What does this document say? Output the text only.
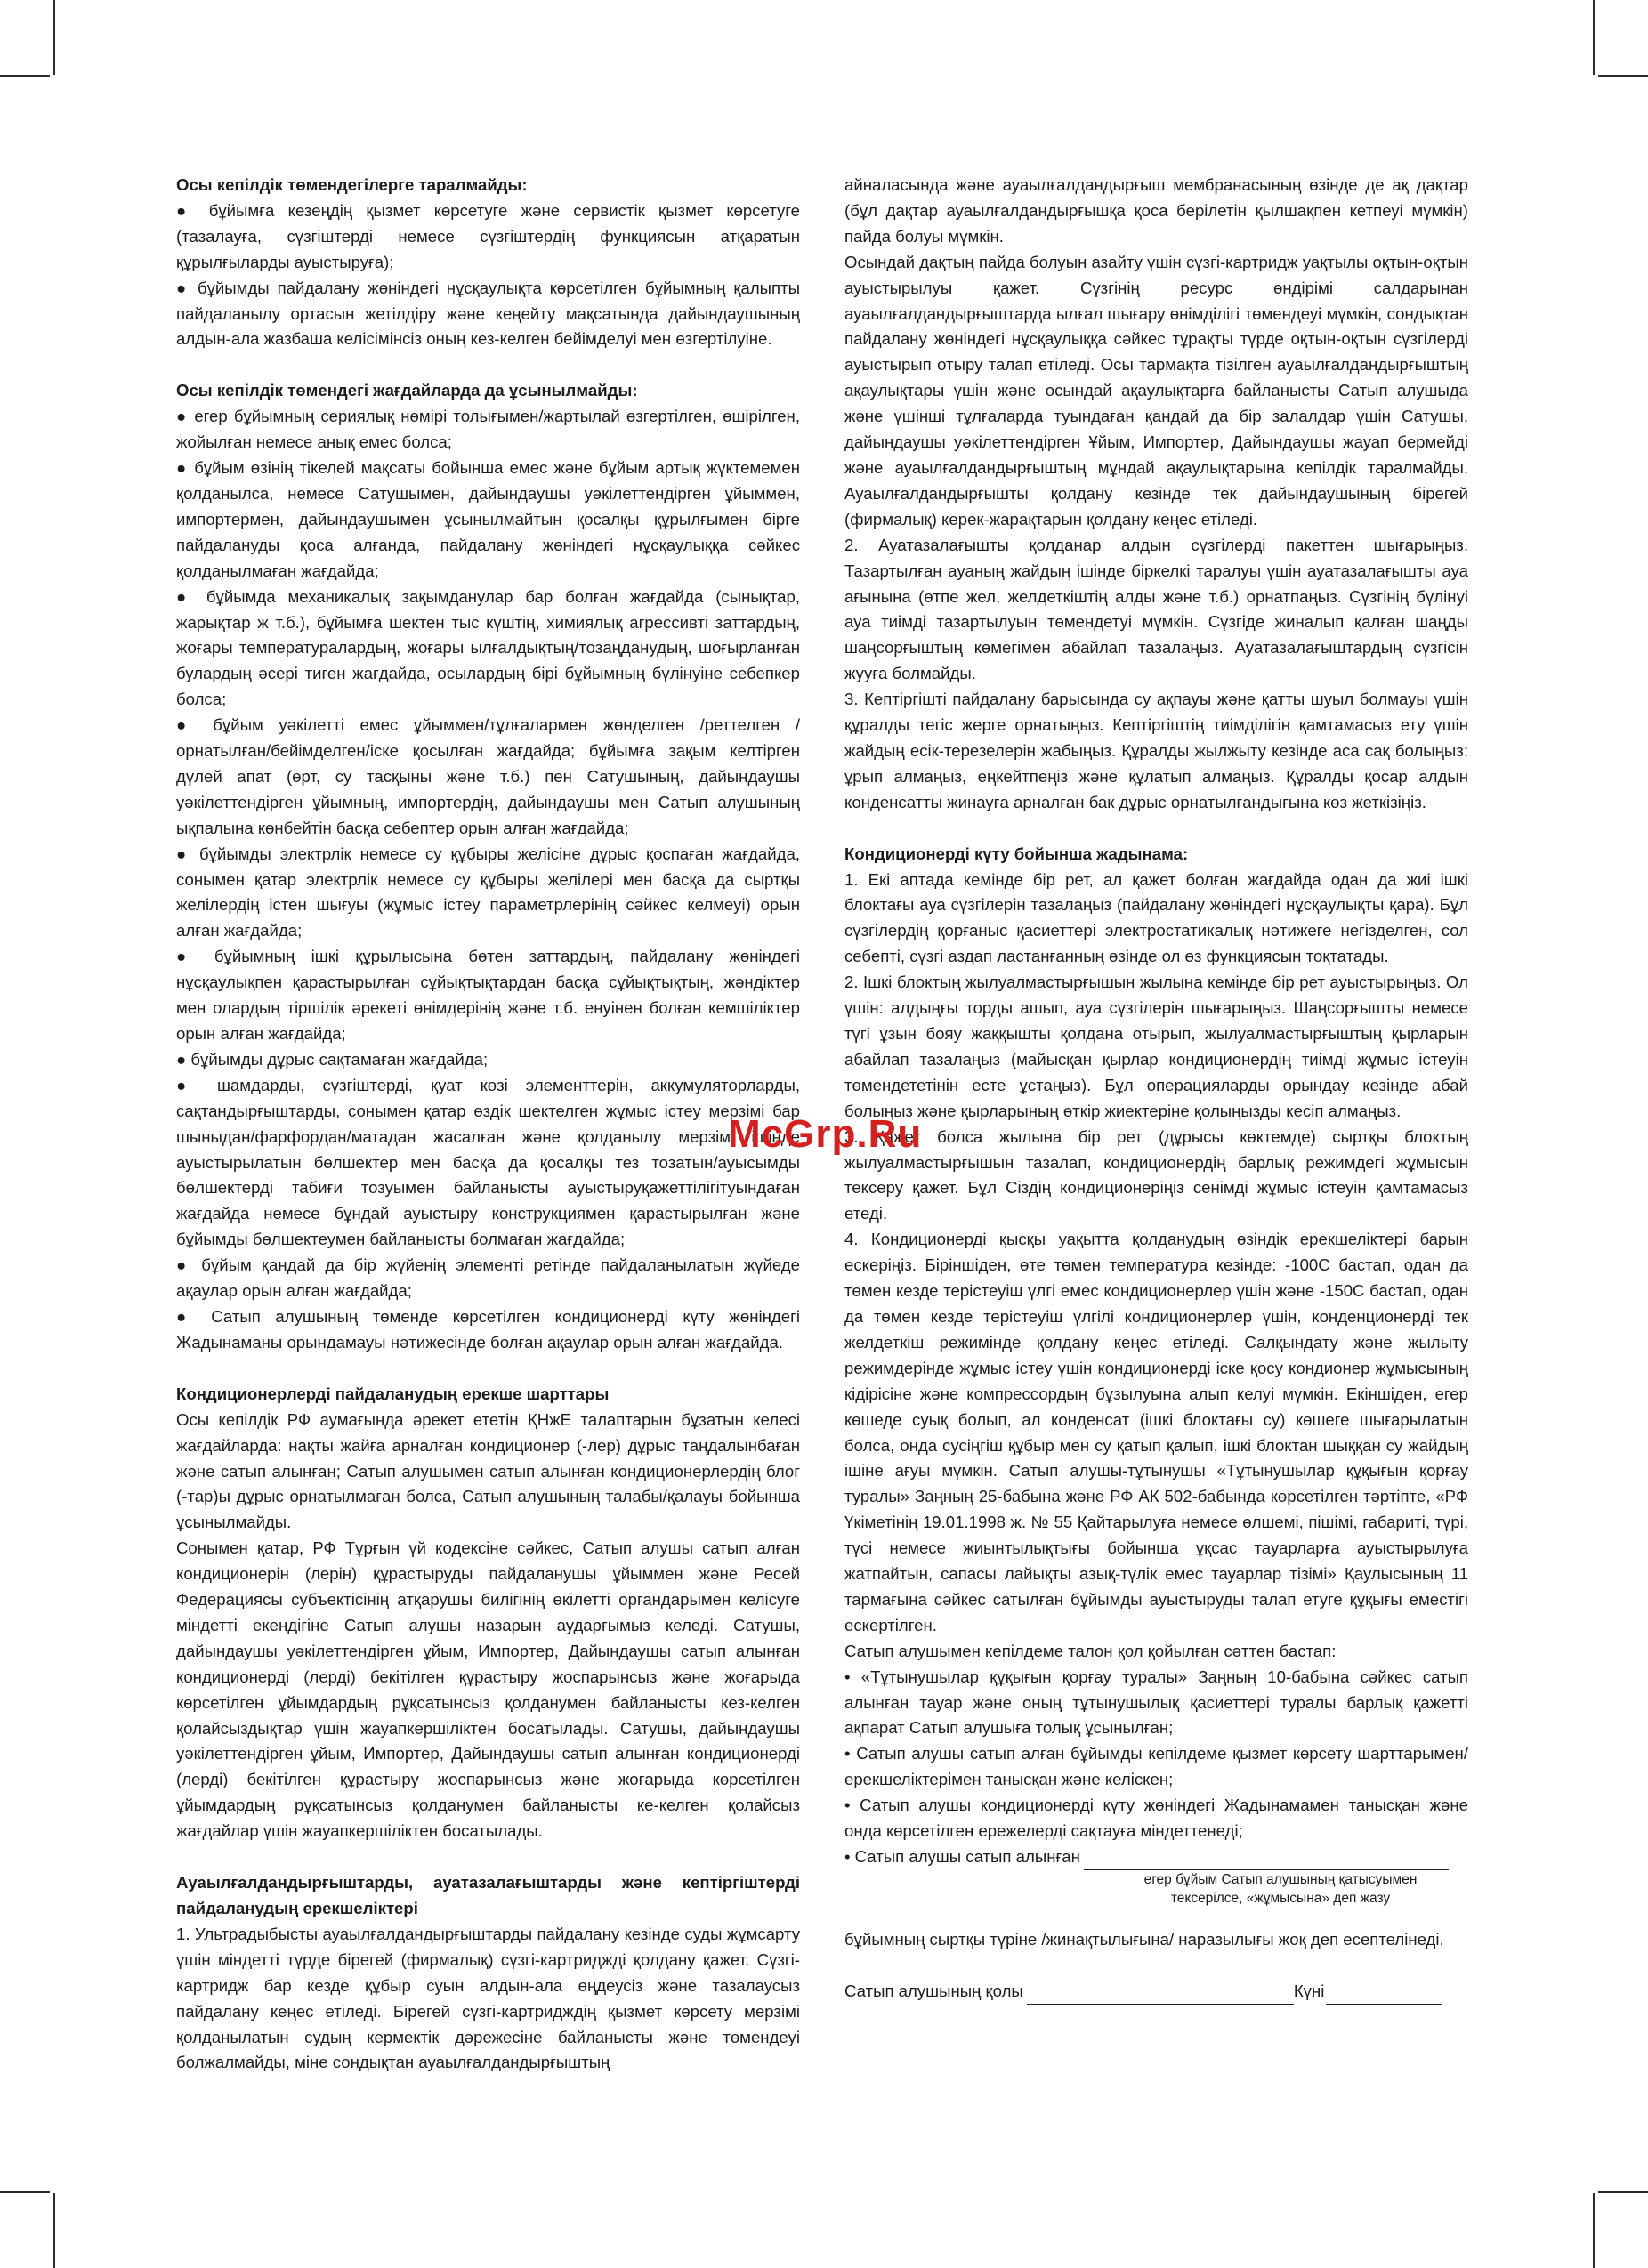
Осы кепілдік төмендегілерге таралмайды:

● бұйымға кезеңдің қызмет көрсетуге және сервистік қызмет көрсетуге (тазалауға, сүзгіштерді немесе сүзгіштердің функциясын атқаратын құрылғыларды ауыстыруға);

● бұйымды пайдалану жөніндегі нұсқаулықта көрсетілген бұйымның қалыпты пайдаланылу ортасын жетілдіру және кеңейту мақсатында дайындаушының алдын-ала жазбаша келісімінсіз оның кез-келген бейімделуі мен өзгертілуіне.

Осы кепілдік төмендегі жағдайларда да ұсынылмайды:

● егер бұйымның сериялық нөмірі толығымен/жартылай өзгертілген, өшірілген, жойылған немесе анық емес болса;

● бұйым өзінің тікелей мақсаты бойынша емес және бұйым артық жүктемемен қолданылса, немесе Сатушымен, дайындаушы уәкілеттендірген ұйыммен, импортермен, дайындаушымен ұсынылмайтын қосалқы құрылғымен бірге пайдалануды қоса алғанда, пайдалану жөніндегі нұсқаулыққа сәйкес қолданылмаған жағдайда;

● бұйымда механикалық зақымданулар бар болған жағдайда (сынықтар, жарықтар ж т.б.), бұйымға шектен тыс күштің, химиялық агрессивті заттардың, жоғары температуралардың, жоғары ылғалдықтың/тозаңданудың, шоғырланған булардың әсері тиген жағдайда, осылардың бірі бұйымның бүлінуіне себепкер болса;

● бұйым уәкілетті емес ұйыммен/тұлғалармен жөнделген /реттелген /орнатылған/бейімделген/іске қосылған жағдайда; бұйымға зақым келтірген дүлей апат (өрт, су тасқыны және т.б.) пен Сатушының, дайындаушы уәкілеттендірген ұйымның, импортердің, дайындаушы мен Сатып алушының ықпалына көнбейтін басқа себептер орын алған жағдайда;

● бұйымды электрлік немесе су құбыры желісіне дұрыс қоспаған жағдайда, сонымен қатар электрлік немесе су құбыры желілері мен басқа да сыртқы желілердің істен шығуы (жұмыс істеу параметрлерінің сәйкес келмеуі) орын алған жағдайда;

● бұйымның ішкі құрылысына бөтен заттардың, пайдалану жөніндегі нұсқаулықпен қарастырылған сұйықтықтардан басқа сұйықтықтың, жәндіктер мен олардың тіршілік әрекеті өнімдерінің және т.б. енуінен болған кемшіліктер орын алған жағдайда;

● бұйымды дұрыс сақтамаған жағдайда;

● шамдарды, сүзгіштерді, қуат көзі элементтерін, аккумуляторларды, сақтандырғыштарды, сонымен қатар өздік шектелген жұмыс істеу мерзімі бар шыныдан/фарфордан/матадан жасалған және қолданылу мерзімі ішінде ауыстырылатын бөлшектер мен басқа да қосалқы тез тозатын/ауысымды бөлшектерді табиғи тозуымен байланысты ауыстыруқажеттілігітуындаған жағдайда немесе бұндай ауыстыру конструкциямен қарастырылған және бұйымды бөлшектеумен байланысты болмаған жағдайда;

● бұйым қандай да бір жүйенің элементі ретінде пайдаланылатын жүйеде ақаулар орын алған жағдайда;

● Сатып алушының төменде көрсетілген кондиционерді күту жөніндегі Жадынаманы орындамауы нәтижесінде болған ақаулар орын алған жағдайда.

Кондиционерлерді пайдаланудың ерекше шарттары

Осы кепілдік РФ аумағында әрекет ететін ҚНжЕ талаптарын бұзатын келесі жағдайларда: нақты жайға арналған кондиционер (-лер) дұрыс таңдалынбаған және сатып алынған; Сатып алушымен сатып алынған кондиционерлердің блог (-тар)ы дұрыс орнатылмаған болса, Сатып алушының талабы/қалауы бойынша ұсынылмайды.

Сонымен қатар, РФ Тұрғын үй кодексіне сәйкес, Сатып алушы сатып алған кондиционерін (лерін) құрастыруды пайдаланушы ұйыммен және Ресей Федерациясы субъектісінің атқарушы билігінің өкілетті органдарымен келісуге міндетті екендігіне Сатып алушы назарын аударғымыз келеді. Сатушы, дайындаушы уәкілеттендірген ұйым, Импортер, Дайындаушы сатып алынған кондиционерді (лерді) бекітілген құрастыру жоспарынсыз және жоғарыда көрсетілген ұйымдардың рұқсатынсыз қолданумен байланысты кез-келген қолайсыздықтар үшін жауапкершіліктен босатылады. Сатушы, дайындаушы уәкілеттендірген ұйым, Импортер, Дайындаушы сатып алынған кондиционерді (лерді) бекітілген құрастыру жоспарынсыз және жоғарыда көрсетілген ұйымдардың рұқсатынсыз қолданумен байланысты ке-келген қолайсыз жағдайлар үшін жауапкершіліктен босатылады.

Ауаылғалдандырғыштарды, ауатазалағыштарды және кептіргіштерді пайдаланудың ерекшеліктері

1. Ультрадыбысты ауаылғалдандырғыштарды пайдалану кезінде суды жұмсарту үшін міндетті түрде бірегей (фирмалық) сүзгі-картриджді қолдану қажет. Сүзгі-картридж бар кезде құбыр суын алдын-ала өңдеусіз және тазалаусыз пайдалану кеңес етіледі. Бірегей сүзгі-картридждің қызмет көрсету мерзімі қолданылатын судың кермектік дәрежесіне байланысты және төмендеуі болжалмайды, міне сондықтан ауаылғалдандырғыштың

айналасында және ауаылғалдандырғыш мембранасының өзінде де ақ дақтар (бұл дақтар ауаылғалдандырғышқа қоса берілетін қылшақпен кетпеуі мүмкін) пайда болуы мүмкін.

Осындай дақтың пайда болуын азайту үшін сүзгі-картридж уақтылы оқтын-оқтын ауыстырылуы қажет. Сүзгінің ресурс өндірімі салдарынан ауаылғалдандырғыштарда ылғал шығару өнімділігі төмендеуі мүмкін, сондықтан пайдалану жөніндегі нұсқаулыққа сәйкес тұрақты түрде оқтын-оқтын сүзгілерді ауыстырып отыру талап етіледі. Осы тармақта тізілген ауаылғалдандырғыштың ақаулықтары үшін және осындай ақаулықтарға байланысты Сатып алушыда және үшінші тұлғаларда туындаған қандай да бір залалдар үшін Сатушы, дайындаушы уәкілеттендірген Ұйым, Импортер, Дайындаушы жауап бермейді және ауаылғалдандырғыштың мұндай ақаулықтарына кепілдік таралмайды. Ауаылғалдандырғышты қолдану кезінде тек дайындаушының бірегей (фирмалық) керек-жарақтарын қолдану кеңес етіледі.

2. Ауатазалағышты қолданар алдын сүзгілерді пакеттен шығарыңыз. Тазартылған ауаның жайдың ішінде біркелкі таралуы үшін ауатазалағышты ауа ағынына (өтпе жел, желдеткіштің алды және т.б.) орнатпаңыз. Сүзгінің бүлінуі ауа тиімді тазартылуын төмендетуі мүмкін. Сүзгіде жиналып қалған шаңды шаңсорғыштың көмегімен абайлап тазалаңыз. Ауатазалағыштардың сүзгісін жууға болмайды.

3. Кептіргішті пайдалану барысында су ақпауы және қатты шуыл болмауы үшін құралды тегіс жерге орнатыңыз. Кептіргіштің тиімділігін қамтамасыз ету үшін жайдың есік-терезелерін жабыңыз. Құралды жылжыту кезінде аса сақ болыңыз: ұрып алмаңыз, еңкейтпеңіз және құлатып алмаңыз. Құралды қосар алдын конденсатты жинауға арналған бак дұрыс орнатылғандығына көз жеткізіңіз.

Кондиционерді күту бойынша жадынама:

1. Екі аптада кемінде бір рет, ал қажет болған жағдайда одан да жиі ішкі блоктағы ауа сүзгілерін тазалаңыз (пайдалану жөніндегі нұсқаулықты қара). Бұл сүзгілердің қорғаныс қасиеттері электростатикалық нәтижеге негізделген, сол себепті, сүзгі аздап ластанғанның өзінде ол өз функциясын тоқтатады.

2. Ішкі блоктың жылуалмастырғышын жылына кемінде бір рет ауыстырыңыз. Ол үшін: алдыңғы торды ашып, ауа сүзгілерін шығарыңыз. Шаңсорғышты немесе түгі ұзын бояу жаққышты қолдана отырып, жылуалмастырғыштың қырларын абайлап тазалаңыз (майысқан қырлар кондиционердің тиімді жұмыс істеуін төмендететінін есте ұстаңыз). Бұл операцияларды орындау кезінде абай болыңыз және қырларының өткір жиектеріне қолыңызды кесіп алмаңыз.

3. Қажет болса жылына бір рет (дұрысы көктемде) сыртқы блоктың жылуалмастырғышын тазалап, кондиционердің барлық режимдегі жұмысын тексеру қажет. Бұл Сіздің кондиционеріңіз сенімді жұмыс істеуін қамтамасыз етеді.

4. Кондиционерді қысқы уақытта қолданудың өзіндік ерекшеліктері барын ескеріңіз. Біріншіден, өте төмен температура кезінде: -100С бастап, одан да төмен кезде терістеуіш үлгі емес кондиционерлер үшін және -150С бастап, одан да төмен кезде терістеуіш үлгілі кондиционерлер үшін, конденционерді тек желдеткіш режимінде қолдану кеңес етіледі. Салқындату және жылыту режимдерінде жұмыс істеу үшін кондиционерді іске қосу кондионер жұмысының кідірісіне және компрессордың бұзылуына алып келуі мүмкін. Екіншіден, егер көшеде суық болып, ал конденсат (ішкі блоктағы су) көшеге шығарылатын болса, онда сусіңгіш құбыр мен су қатып қалып, ішкі блоктан шыққан су жайдың ішіне ағуы мүмкін. Сатып алушы-тұтынушы «Тұтынушылар құқығын қорғау туралы» Заңның 25-бабына және РФ АК 502-бабында көрсетілген тәртіпте, «РФ Үкіметінің 19.01.1998 ж. № 55 Қайтарылуға немесе өлшемі, пішімі, габариті, түрі, түсі немесе жиынтылықтығы бойынша ұқсас тауарларға ауыстырылуға жатпайтын, сапасы лайықты азық-түлік емес тауарлар тізімі» Қаулысының 11 тармағына сәйкес сатылған бұйымды ауыстыруды талап етуге құқығы еместігі ескертілген.

Сатып алушымен кепілдеме талон қол қойылған сәттен бастап:

• «Тұтынушылар құқығын қорғау туралы» Заңның 10-бабына сәйкес сатып алынған тауар және оның тұтынушылық қасиеттері туралы барлық қажетті ақпарат Сатып алушыға толық ұсынылған;

• Сатып алушы сатып алған бұйымды кепілдеме қызмет көрсету шарттарымен/ерекшеліктерімен танысқан және келіскен;

• Сатып алушы кондиционерді күту жөніндегі Жадынамамен танысқан және онда көрсетілген ережелерді сақтауға міндеттенеді;

• Сатып алушы сатып алынған
егер бұйым Сатып алушының қатысуымен
тексерілсе, «жұмысына» деп жазу

бұйымның сыртқы түріне /жинақтылығына/ наразылығы жоқ деп есептелінеді.

Сатып алушының қолы	Күні
McGrp.Ru
